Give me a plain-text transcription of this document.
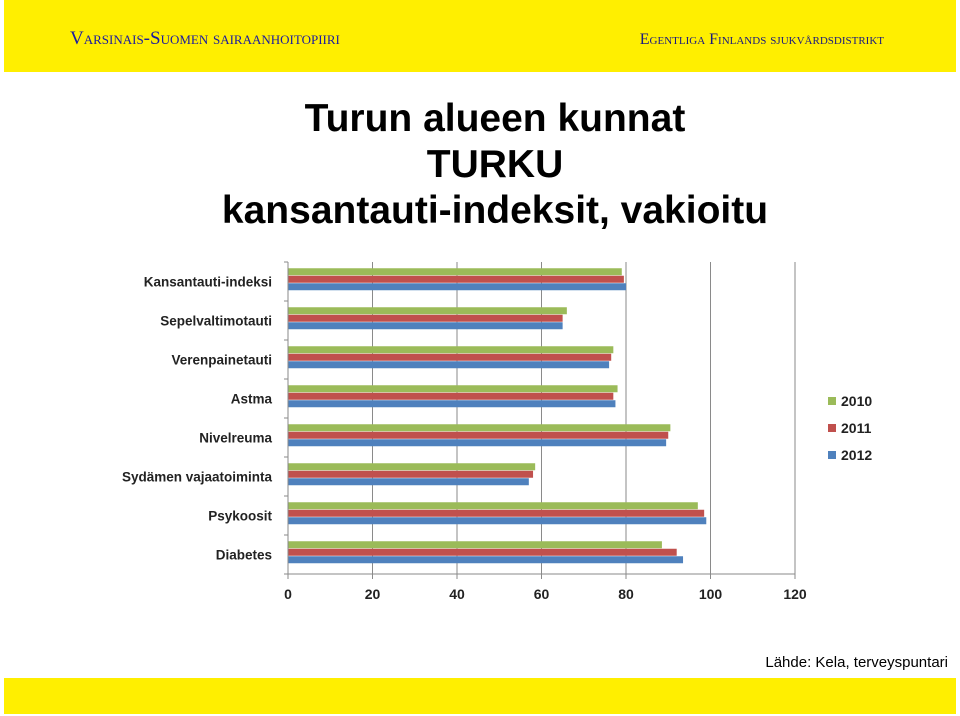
Varsinais-Suomen sairaanhoitopiiri	Egentliga Finlands sjukvårdsdistrikt
Turun alueen kunnat
TURKU
kansantauti-indeksit, vakioitu
0	20	40	60	80	100	120
Kansantauti-indeksi
Sepelvaltimotauti
Verenpainetauti
Astma
Nivelreuma
Sydämen vajaatoiminta
Psykoosit
Diabetes
2010
2011
2012
Lähde: Kela, terveyspuntari
